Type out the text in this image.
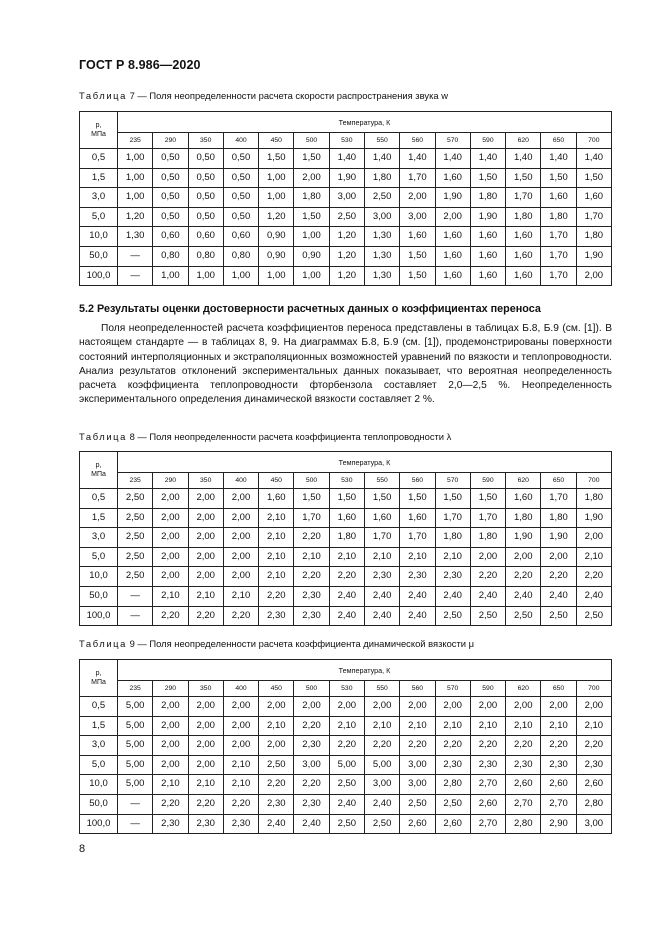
ГОСТ Р 8.986—2020
Таблица 7 — Поля неопределенности расчета скорости распространения звука w
p,
МПа	Температура, К													
	235	290	350	400	450	500	530	550	560	570	590	620	650	700
0,5	1,00	0,50	0,50	0,50	1,50	1,50	1,40	1,40	1,40	1,40	1,40	1,40	1,40	1,40
1,5	1,00	0,50	0,50	0,50	1,00	2,00	1,90	1,80	1,70	1,60	1,50	1,50	1,50	1,50
3,0	1,00	0,50	0,50	0,50	1,00	1,80	3,00	2,50	2,00	1,90	1,80	1,70	1,60	1,60
5,0	1,20	0,50	0,50	0,50	1,20	1,50	2,50	3,00	3,00	2,00	1,90	1,80	1,80	1,70
10,0	1,30	0,60	0,60	0,60	0,90	1,00	1,20	1,30	1,60	1,60	1,60	1,60	1,70	1,80
50,0	—	0,80	0,80	0,80	0,90	0,90	1,20	1,30	1,50	1,60	1,60	1,60	1,70	1,90
100,0	—	1,00	1,00	1,00	1,00	1,00	1,20	1,30	1,50	1,60	1,60	1,60	1,70	2,00
5.2 Результаты оценки достоверности расчетных данных о коэффициентах переноса

Поля неопределенностей расчета коэффициентов переноса представлены в таблицах Б.8, Б.9 (см. [1]). В настоящем стандарте — в таблицах 8, 9. На диаграммах Б.8, Б.9 (см. [1]), продемонстрированы поверхности состояний интерполяционных и экстраполяционных возможностей уравнений по вязкости и теплопроводности. Анализ результатов отклонений экспериментальных данных показывает, что вероятная неопределенность расчета коэффициента теплопроводности фторбензола составляет 2,0—2,5 %. Неопределенность экспериментального определения динамической вязкости составляет 2 %.

Таблица 8 — Поля неопределенности расчета коэффициента теплопроводности λ
p,
МПа	Температура, К													
	235	290	350	400	450	500	530	550	560	570	590	620	650	700
0,5	2,50	2,00	2,00	2,00	1,60	1,50	1,50	1,50	1,50	1,50	1,50	1,60	1,70	1,80
1,5	2,50	2,00	2,00	2,00	2,10	1,70	1,60	1,60	1,60	1,70	1,70	1,80	1,80	1,90
3,0	2,50	2,00	2,00	2,00	2,10	2,20	1,80	1,70	1,70	1,80	1,80	1,90	1,90	2,00
5,0	2,50	2,00	2,00	2,00	2,10	2,10	2,10	2,10	2,10	2,10	2,00	2,00	2,00	2,10
10,0	2,50	2,00	2,00	2,00	2,10	2,20	2,20	2,30	2,30	2,30	2,20	2,20	2,20	2,20
50,0	—	2,10	2,10	2,10	2,20	2,30	2,40	2,40	2,40	2,40	2,40	2,40	2,40	2,40
100,0	—	2,20	2,20	2,20	2,30	2,30	2,40	2,40	2,40	2,50	2,50	2,50	2,50	2,50
Таблица 9 — Поля неопределенности расчета коэффициента динамической вязкости μ
p,
МПа	Температура, К													
	235	290	350	400	450	500	530	550	560	570	590	620	650	700
0,5	5,00	2,00	2,00	2,00	2,00	2,00	2,00	2,00	2,00	2,00	2,00	2,00	2,00	2,00
1,5	5,00	2,00	2,00	2,00	2,10	2,20	2,10	2,10	2,10	2,10	2,10	2,10	2,10	2,10
3,0	5,00	2,00	2,00	2,00	2,00	2,30	2,20	2,20	2,20	2,20	2,20	2,20	2,20	2,20
5,0	5,00	2,00	2,00	2,10	2,50	3,00	5,00	5,00	3,00	2,30	2,30	2,30	2,30	2,30
10,0	5,00	2,10	2,10	2,10	2,20	2,20	2,50	3,00	3,00	2,80	2,70	2,60	2,60	2,60
50,0	—	2,20	2,20	2,20	2,30	2,30	2,40	2,40	2,50	2,50	2,60	2,70	2,70	2,80
100,0	—	2,30	2,30	2,30	2,40	2,40	2,50	2,50	2,60	2,60	2,70	2,80	2,90	3,00
8
